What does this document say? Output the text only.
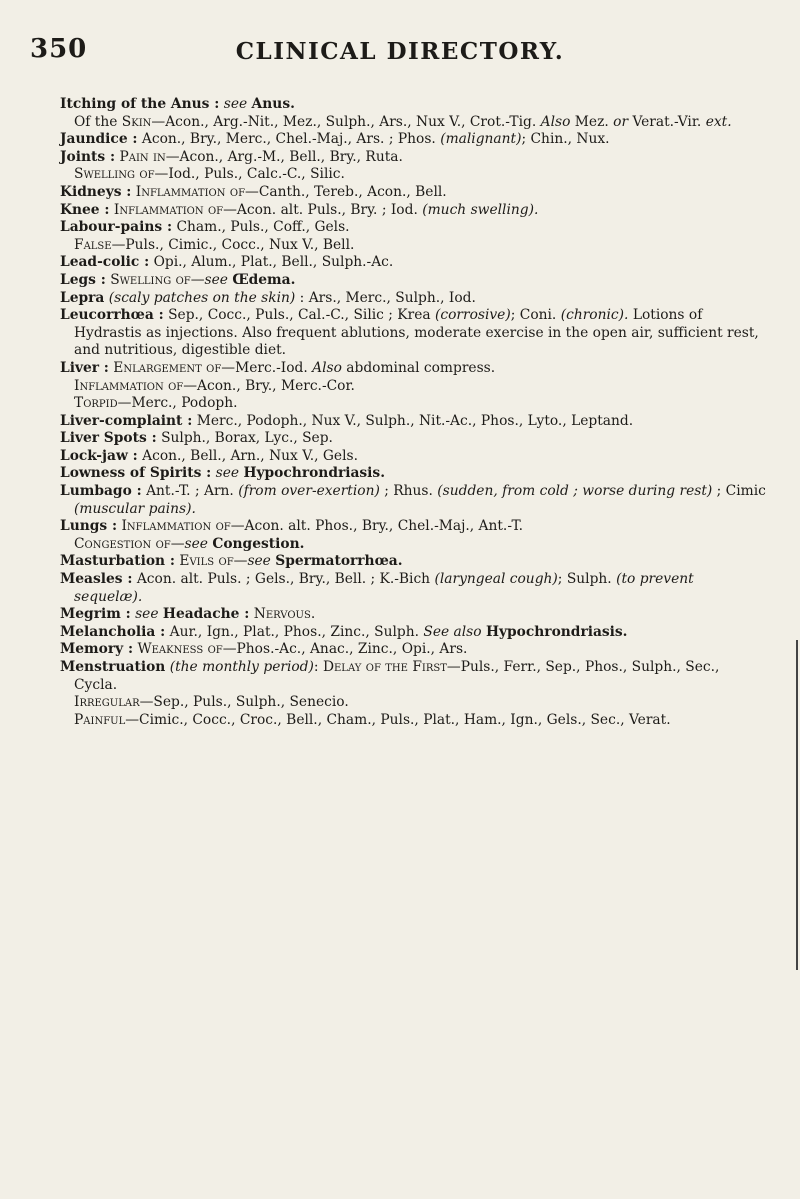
350	CLINICAL DIRECTORY.

Itching of the Anus : see Anus.

Of the Skin—Acon., Arg.-Nit., Mez., Sulph., Ars., Nux V., Crot.-Tig. Also Mez. or Verat.-Vir. ext.

Jaundice : Acon., Bry., Merc., Chel.-Maj., Ars. ; Phos. (malignant); Chin., Nux.

Joints : Pain in—Acon., Arg.-M., Bell., Bry., Ruta.

Swelling of—Iod., Puls., Calc.-C., Silic.

Kidneys : Inflammation of—Canth., Tereb., Acon., Bell.

Knee : Inflammation of—Acon. alt. Puls., Bry. ; Iod. (much swelling).

Labour-pains : Cham., Puls., Coff., Gels.

False—Puls., Cimic., Cocc., Nux V., Bell.

Lead-colic : Opi., Alum., Plat., Bell., Sulph.-Ac.

Legs : Swelling of—see Œdema.

Lepra (scaly patches on the skin) : Ars., Merc., Sulph., Iod.

Leucorrhœa : Sep., Cocc., Puls., Cal.-C., Silic ; Krea (corrosive); Coni. (chronic). Lotions of Hydrastis as injections. Also frequent ablutions, moderate exercise in the open air, sufficient rest, and nutritious, digestible diet.

Liver : Enlargement of—Merc.-Iod. Also abdominal compress.

Inflammation of—Acon., Bry., Merc.-Cor.

Torpid—Merc., Podoph.

Liver-complaint : Merc., Podoph., Nux V., Sulph., Nit.-Ac., Phos., Lyto., Leptand.

Liver Spots : Sulph., Borax, Lyc., Sep.

Lock-jaw : Acon., Bell., Arn., Nux V., Gels.

Lowness of Spirits : see Hypochrondriasis.

Lumbago : Ant.-T. ; Arn. (from over-exertion) ; Rhus. (sudden, from cold ; worse during rest) ; Cimic (muscular pains).

Lungs : Inflammation of—Acon. alt. Phos., Bry., Chel.-Maj., Ant.-T.

Congestion of—see Congestion.

Masturbation : Evils of—see Spermatorrhœa.

Measles : Acon. alt. Puls. ; Gels., Bry., Bell. ; K.-Bich (laryngeal cough); Sulph. (to prevent sequelæ).

Megrim : see Headache : Nervous.

Melancholia : Aur., Ign., Plat., Phos., Zinc., Sulph. See also Hypochrondriasis.

Memory : Weakness of—Phos.-Ac., Anac., Zinc., Opi., Ars.

Menstruation (the monthly period): Delay of the First—Puls., Ferr., Sep., Phos., Sulph., Sec., Cycla.

Irregular—Sep., Puls., Sulph., Senecio.

Painful—Cimic., Cocc., Croc., Bell., Cham., Puls., Plat., Ham., Ign., Gels., Sec., Verat.
